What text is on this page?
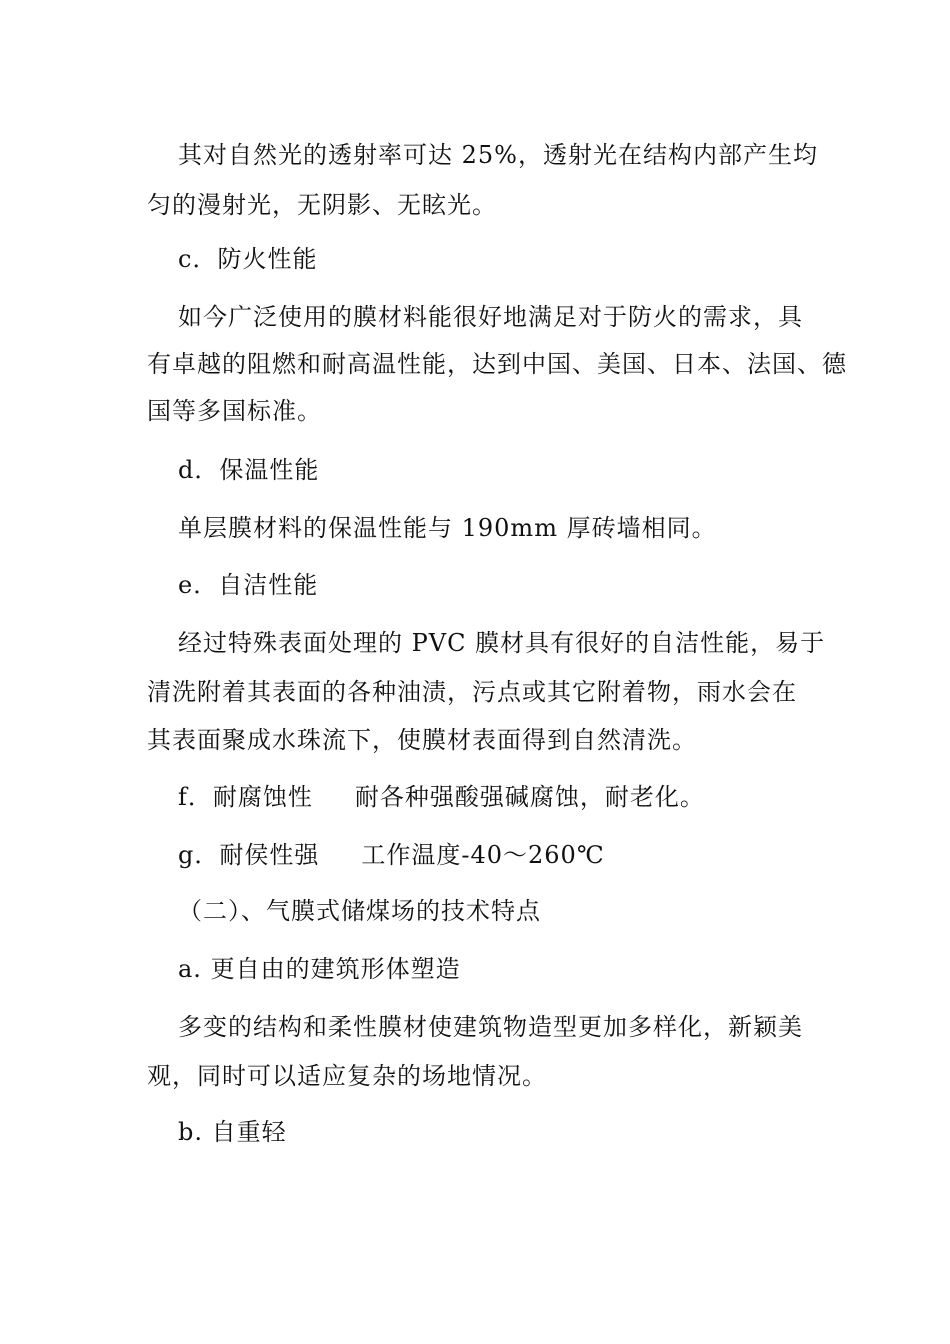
其对自然光的透射率可达 25%，透射光在结构内部产生均
匀的漫射光，无阴影、无眩光。
c．防火性能
如今广泛使用的膜材料能很好地满足对于防火的需求，具
有卓越的阻燃和耐高温性能，达到中国、美国、日本、法国、德
国等多国标准。
d．保温性能
单层膜材料的保温性能与 190mm 厚砖墙相同。
e．自洁性能
经过特殊表面处理的 PVC 膜材具有很好的自洁性能，易于
清洗附着其表面的各种油渍，污点或其它附着物，雨水会在
其表面聚成水珠流下，使膜材表面得到自然清洗。
f．耐腐蚀性 耐各种强酸强碱腐蚀，耐老化。
g．耐侯性强 工作温度-40～260℃
（二）、气膜式储煤场的技术特点
a. 更自由的建筑形体塑造
多变的结构和柔性膜材使建筑物造型更加多样化，新颖美
观，同时可以适应复杂的场地情况。
b. 自重轻
